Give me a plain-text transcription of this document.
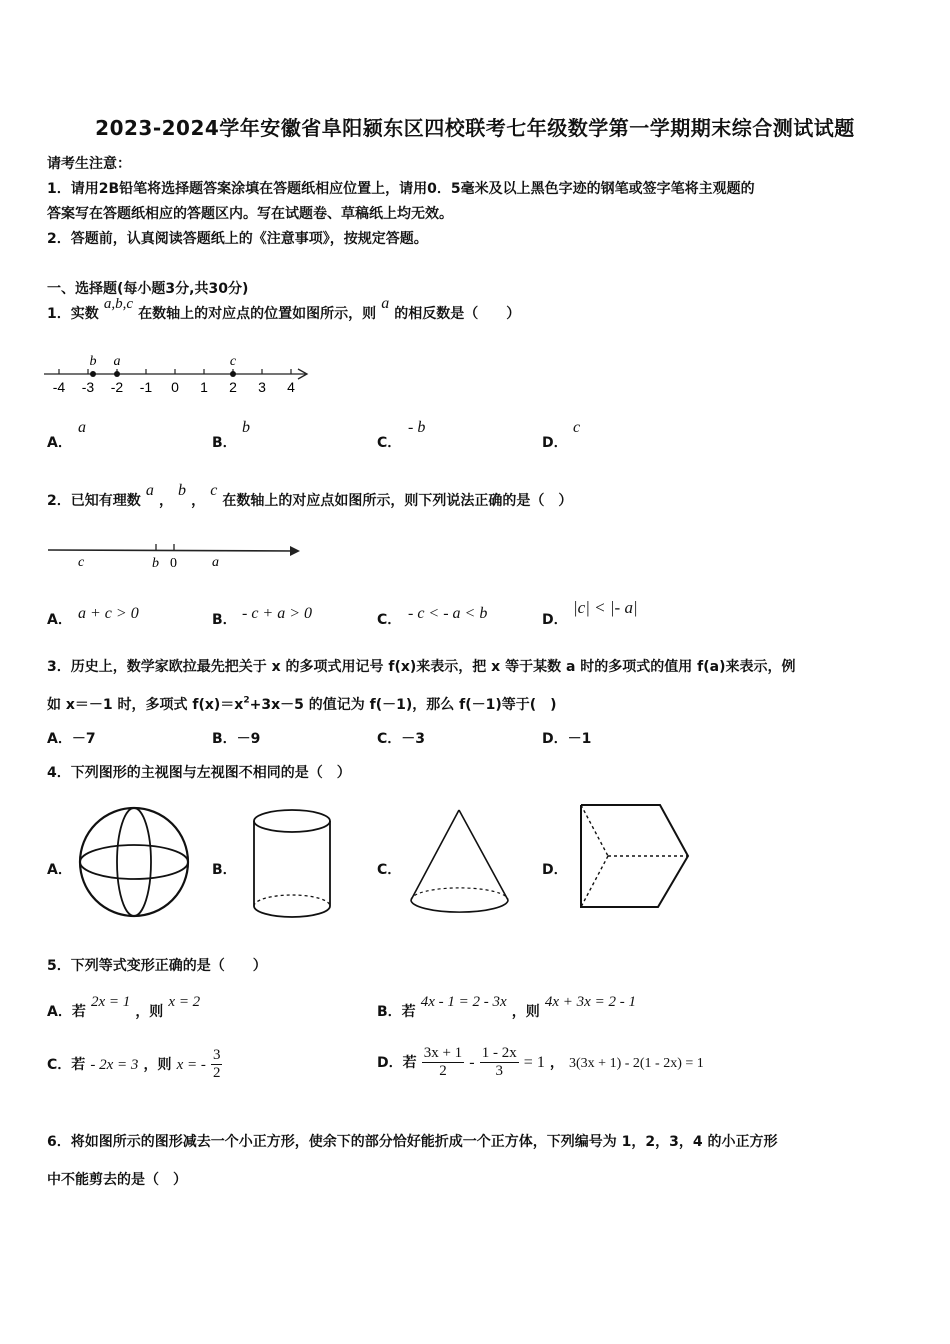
2023-2024学年安徽省阜阳颍东区四校联考七年级数学第一学期期末综合测试试题
请考生注意：
1．请用2B铅笔将选择题答案涂填在答题纸相应位置上，请用0．5毫米及以上黑色字迹的钢笔或签字笔将主观题的
答案写在答题纸相应的答题区内。写在试题卷、草稿纸上均无效。
2．答题前，认真阅读答题纸上的《注意事项》，按规定答题。
一、选择题(每小题3分,共30分)
1．实数 a,b,c 在数轴上的对应点的位置如图所示，则 a 的相反数是（　　）
-4 -3 -2 -1 0 1 2 3 4
b a	c
A．
a
B．
b
C．
- b
D．
c
2．已知有理数 a ， b ， c 在数轴上的对应点如图所示，则下列说法正确的是（　）
c	b 0	a
A． a + c > 0	B． - c + a > 0	C． - c < - a < b	D．
|c| < |- a|
3．历史上，数学家欧拉最先把关于 x 的多项式用记号 f(x)来表示，把 x 等于某数 a 时的多项式的值用 f(a)来表示，例
如 x＝－1 时，多项式 $f(x)=x^2+3x-5$ 的值记为 f(－1)，那么 f(－1)等于(　)
A．－7	B．－9	C．－3	D．－1
4．下列图形的主视图与左视图不相同的是（　）
A．	B．	C．	D．
5．下列等式变形正确的是（　　）
A．若 2x = 1 ，则 x = 2
B．若 4x - 1 = 2 - 3x ，则 4x + 3x = 2 - 1
C．若 - 2x = 3 ，则 x = - $\frac{3}{2}$	D．若 $\frac{3x + 1}{2} - \frac{1 - 2x}{3} = 1$ ， 3(3x + 1) - 2(1 - 2x) = 1
6．将如图所示的图形减去一个小正方形，使余下的部分恰好能折成一个正方体，下列编号为 1，2，3，4 的小正方形
中不能剪去的是（　）
